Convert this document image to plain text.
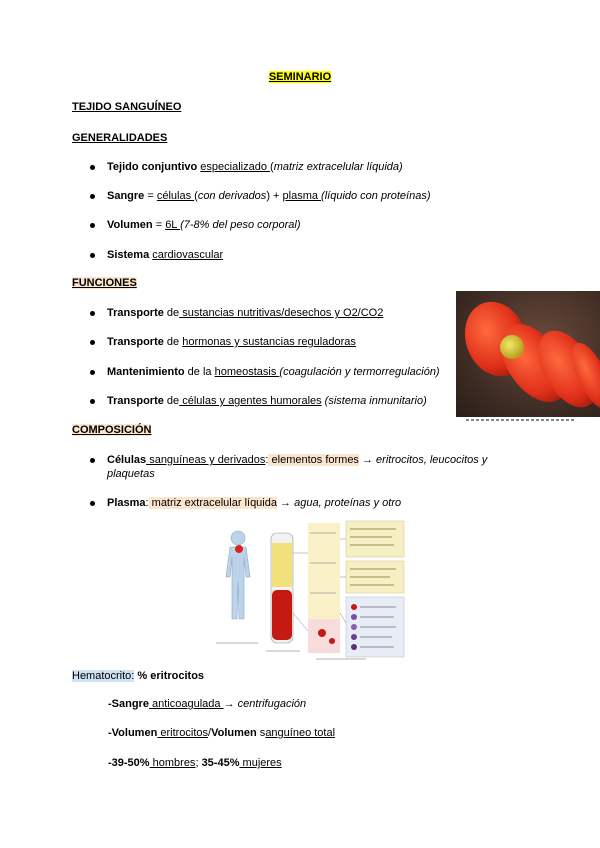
SEMINARIO
TEJIDO SANGUÍNEO
GENERALIDADES
Tejido conjuntivo especializado (matriz extracelular líquida)
Sangre = células (con derivados) + plasma (líquido con proteínas)
Volumen = 6L (7-8% del peso corporal)
Sistema cardiovascular
FUNCIONES
Transporte de sustancias nutritivas/desechos y O2/CO2
Transporte de hormonas y sustancias reguladoras
Mantenimiento de la homeostasis (coagulación y termorregulación)
Transporte de células y agentes humorales (sistema inmunitario)
COMPOSICIÓN
Células sanguíneas y derivados: elementos formes → eritrocitos, leucocitos y plaquetas
Plasma: matriz extracelular líquida → agua, proteínas y otro
Hematocrito: % eritrocitos
-Sangre anticoagulada → centrifugación
-Volumen eritrocitos/Volumen sanguíneo total
-39-50% hombres; 35-45% mujeres
